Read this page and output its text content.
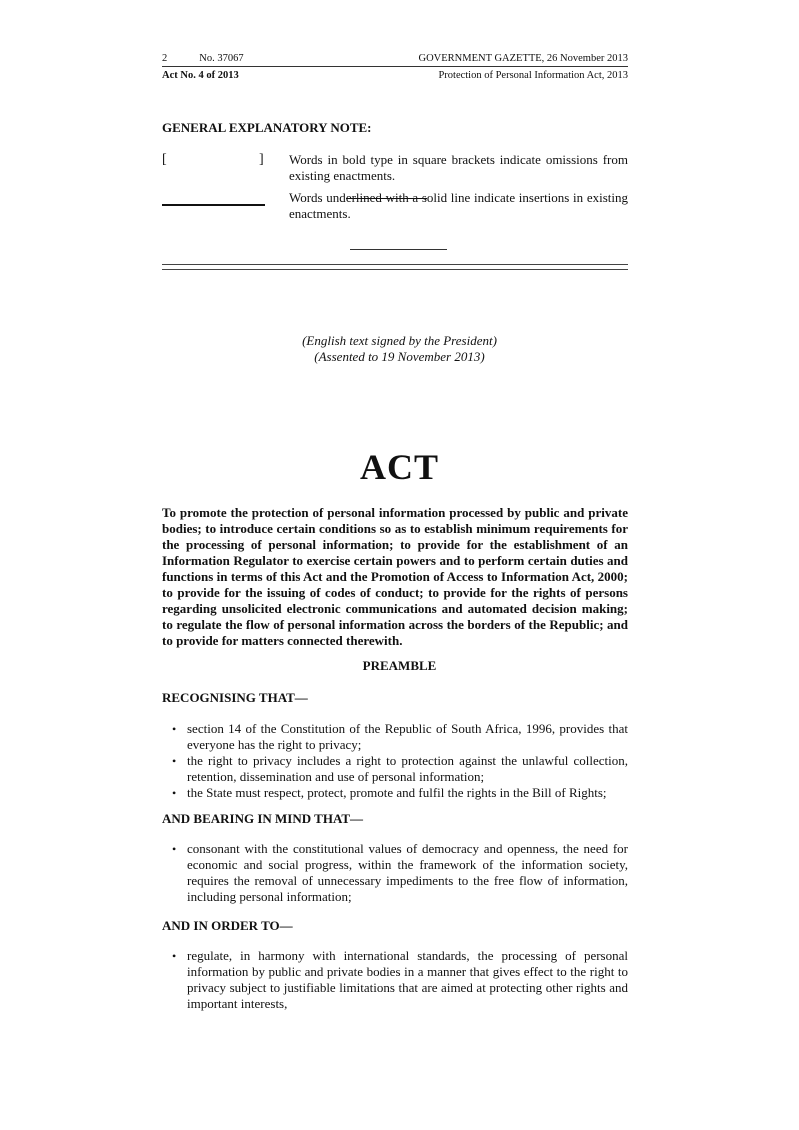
2	No. 37067	GOVERNMENT GAZETTE, 26 November 2013
Act No. 4 of 2013	Protection of Personal Information Act, 2013
GENERAL EXPLANATORY NOTE:
[	] Words in bold type in square brackets indicate omissions from existing enactments.
Words underlined with a solid line indicate insertions in existing enactments.
(English text signed by the President)
(Assented to 19 November 2013)
ACT
To promote the protection of personal information processed by public and private bodies; to introduce certain conditions so as to establish minimum requirements for the processing of personal information; to provide for the establishment of an Information Regulator to exercise certain powers and to perform certain duties and functions in terms of this Act and the Promotion of Access to Information Act, 2000; to provide for the issuing of codes of conduct; to provide for the rights of persons regarding unsolicited electronic communications and automated decision making; to regulate the flow of personal information across the borders of the Republic; and to provide for matters connected therewith.
PREAMBLE
RECOGNISING THAT—
• section 14 of the Constitution of the Republic of South Africa, 1996, provides that everyone has the right to privacy;
• the right to privacy includes a right to protection against the unlawful collection, retention, dissemination and use of personal information;
• the State must respect, protect, promote and fulfil the rights in the Bill of Rights;
AND BEARING IN MIND THAT—
• consonant with the constitutional values of democracy and openness, the need for economic and social progress, within the framework of the information society, requires the removal of unnecessary impediments to the free flow of information, including personal information;
AND IN ORDER TO—
• regulate, in harmony with international standards, the processing of personal information by public and private bodies in a manner that gives effect to the right to privacy subject to justifiable limitations that are aimed at protecting other rights and important interests,
